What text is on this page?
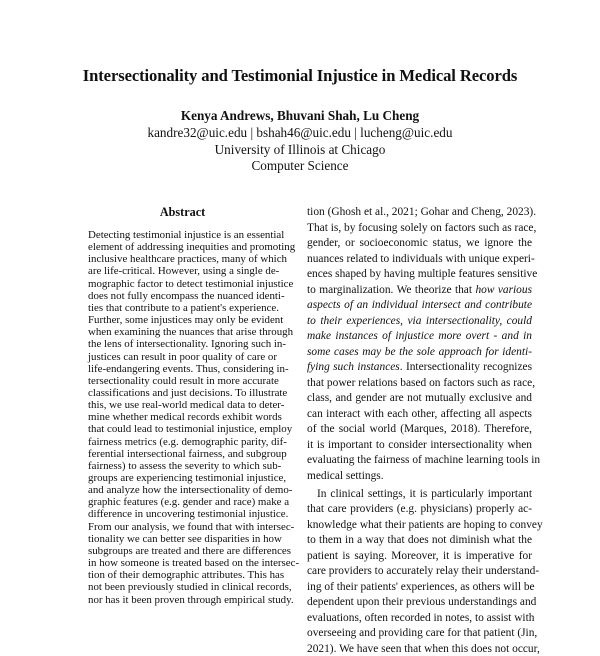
Intersectionality and Testimonial Injustice in Medical Records
Kenya Andrews, Bhuvani Shah, Lu Cheng
kandre32@uic.edu | bshah46@uic.edu | lucheng@uic.edu
University of Illinois at Chicago
Computer Science
Abstract
Detecting testimonial injustice is an essential
element of addressing inequities and promoting
inclusive healthcare practices, many of which
are life-critical. However, using a single de-
mographic factor to detect testimonial injustice
does not fully encompass the nuanced identi-
ties that contribute to a patient's experience.
Further, some injustices may only be evident
when examining the nuances that arise through
the lens of intersectionality. Ignoring such in-
justices can result in poor quality of care or
life-endangering events. Thus, considering in-
tersectionality could result in more accurate
classifications and just decisions. To illustrate
this, we use real-world medical data to deter-
mine whether medical records exhibit words
that could lead to testimonial injustice, employ
fairness metrics (e.g. demographic parity, dif-
ferential intersectional fairness, and subgroup
fairness) to assess the severity to which sub-
groups are experiencing testimonial injustice,
and analyze how the intersectionality of demo-
graphic features (e.g. gender and race) make a
difference in uncovering testimonial injustice.
From our analysis, we found that with intersec-
tionality we can better see disparities in how
subgroups are treated and there are differences
in how someone is treated based on the intersec-
tion of their demographic attributes. This has
not been previously studied in clinical records,
nor has it been proven through empirical study.
tion (Ghosh et al., 2021; Gohar and Cheng, 2023).
That is, by focusing solely on factors such as race,
gender, or socioeconomic status, we ignore the
nuances related to individuals with unique experi-
ences shaped by having multiple features sensitive
to marginalization. We theorize that how various
aspects of an individual intersect and contribute
to their experiences, via intersectionality, could
make instances of injustice more overt - and in
some cases may be the sole approach for identi-
fying such instances. Intersectionality recognizes
that power relations based on factors such as race,
class, and gender are not mutually exclusive and
can interact with each other, affecting all aspects
of the social world (Marques, 2018). Therefore,
it is important to consider intersectionality when
evaluating the fairness of machine learning tools in
medical settings.
In clinical settings, it is particularly important
that care providers (e.g. physicians) properly ac-
knowledge what their patients are hoping to convey
to them in a way that does not diminish what the
patient is saying. Moreover, it is imperative for
care providers to accurately relay their understand-
ing of their patients' experiences, as others will be
dependent upon their previous understandings and
evaluations, often recorded in notes, to assist with
overseeing and providing care for that patient (Jin,
2021). We have seen that when this does not occur,
